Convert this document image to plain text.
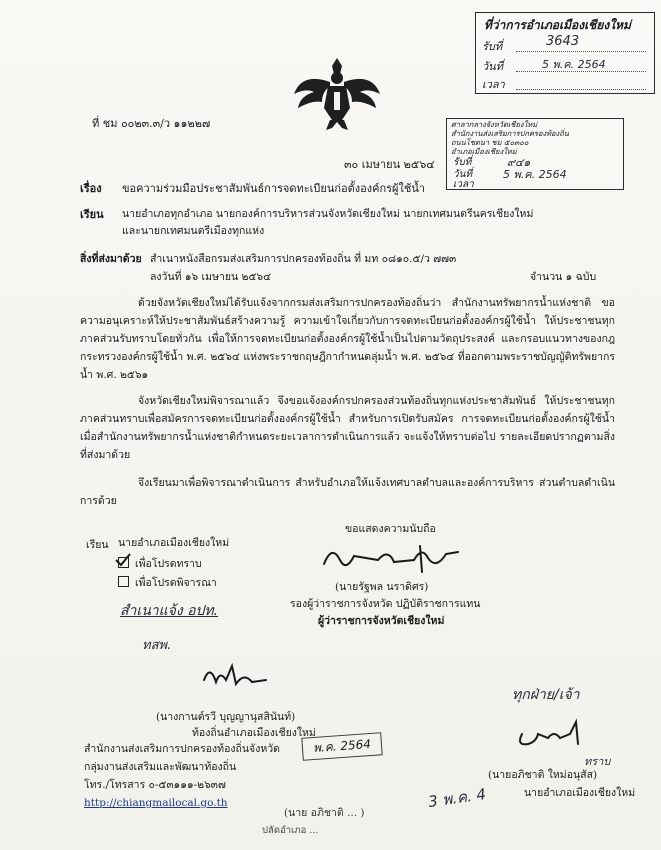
ที่ว่าการอำเภอเมืองเชียงใหม่
รับที่	3643
วันที่	5 พ.ค. 2564
เวลา
ศาลากลางจังหวัดเชียงใหม่
สำนักงานส่งเสริมการปกครองท้องถิ่น
ถนนโชตนา ชม ๕๐๓๐๐
อำเภอเมืองเชียงใหม่
รับที่	๙๔๑
วันที่	5 พ.ค. 2564
เวลา
ที่ ชม ๐๐๒๓.๓/ว ๑๑๒๒๗
๓๐ เมษายน ๒๕๖๔
เรื่อง ขอความร่วมมือประชาสัมพันธ์การจดทะเบียนก่อตั้งองค์กรผู้ใช้น้ำ
เรียน นายอำเภอทุกอำเภอ นายกองค์การบริหารส่วนจังหวัดเชียงใหม่ นายกเทศมนตรีนครเชียงใหม่
และนายกเทศมนตรีเมืองทุกแห่ง
สิ่งที่ส่งมาด้วย สำเนาหนังสือกรมส่งเสริมการปกครองท้องถิ่น ที่ มท ๐๘๑๐.๕/ว ๗๗๓
ลงวันที่ ๑๖ เมษายน ๒๕๖๔	จำนวน ๑ ฉบับ
ด้วยจังหวัดเชียงใหม่ได้รับแจ้งจากกรมส่งเสริมการปกครองท้องถิ่นว่า สำนักงานทรัพยากรน้ำแห่งชาติ ขอความอนุเคราะห์ให้ประชาสัมพันธ์สร้างความรู้ ความเข้าใจเกี่ยวกับการจดทะเบียนก่อตั้งองค์กรผู้ใช้น้ำ ให้ประชาชนทุกภาคส่วนรับทราบโดยทั่วกัน เพื่อให้การจดทะเบียนก่อตั้งองค์กรผู้ใช้น้ำเป็นไปตามวัตถุประสงค์ และกรอบแนวทางของกฎกระทรวงองค์กรผู้ใช้น้ำ พ.ศ. ๒๕๖๔ แห่งพระราชกฤษฎีกากำหนดลุ่มน้ำ พ.ศ. ๒๕๖๔ ที่ออกตามพระราชบัญญัติทรัพยากรน้ำ พ.ศ. ๒๕๖๑
จังหวัดเชียงใหม่พิจารณาแล้ว จึงขอแจ้งองค์กรปกครองส่วนท้องถิ่นทุกแห่งประชาสัมพันธ์ ให้ประชาชนทุกภาคส่วนทราบเพื่อสมัครการจดทะเบียนก่อตั้งองค์กรผู้ใช้น้ำ สำหรับการเปิดรับสมัคร การจดทะเบียนก่อตั้งองค์กรผู้ใช้น้ำ เมื่อสำนักงานทรัพยากรน้ำแห่งชาติกำหนดระยะเวลาการดำเนินการแล้ว จะแจ้งให้ทราบต่อไป รายละเอียดปรากฏตามสิ่งที่ส่งมาด้วย
จึงเรียนมาเพื่อพิจารณาดำเนินการ สำหรับอำเภอให้แจ้งเทศบาลตำบลและองค์การบริหาร ส่วนตำบลดำเนินการด้วย
ขอแสดงความนับถือ
(นายรัฐพล นราดิศร)
รองผู้ว่าราชการจังหวัด ปฏิบัติราชการแทน
ผู้ว่าราชการจังหวัดเชียงใหม่
เรียน นายอำเภอเมืองเชียงใหม่
เพื่อโปรดทราบ
เพื่อโปรดพิจารณา
สำเนาแจ้ง อปท.
ทสพ.
(นางกานต์รวี บุญญานุสสินันท์)
ท้องถิ่นอำเภอเมืองเชียงใหม่
สำนักงานส่งเสริมการปกครองท้องถิ่นจังหวัด
กลุ่มงานส่งเสริมและพัฒนาท้องถิ่น
โทร./โทรสาร ๐-๕๓๑๑๑-๒๖๓๗
http://chiangmailocal.go.th
พ.ค. 2564
ทุกฝ่าย/เจ้า
ทราบ
(นายอภิชาติ ใหม่อนุสัส)
นายอำเภอเมืองเชียงใหม่
3 พ.ค. 4
(นาย อภิชาติ ... )
ปลัดอำเภอ ...
